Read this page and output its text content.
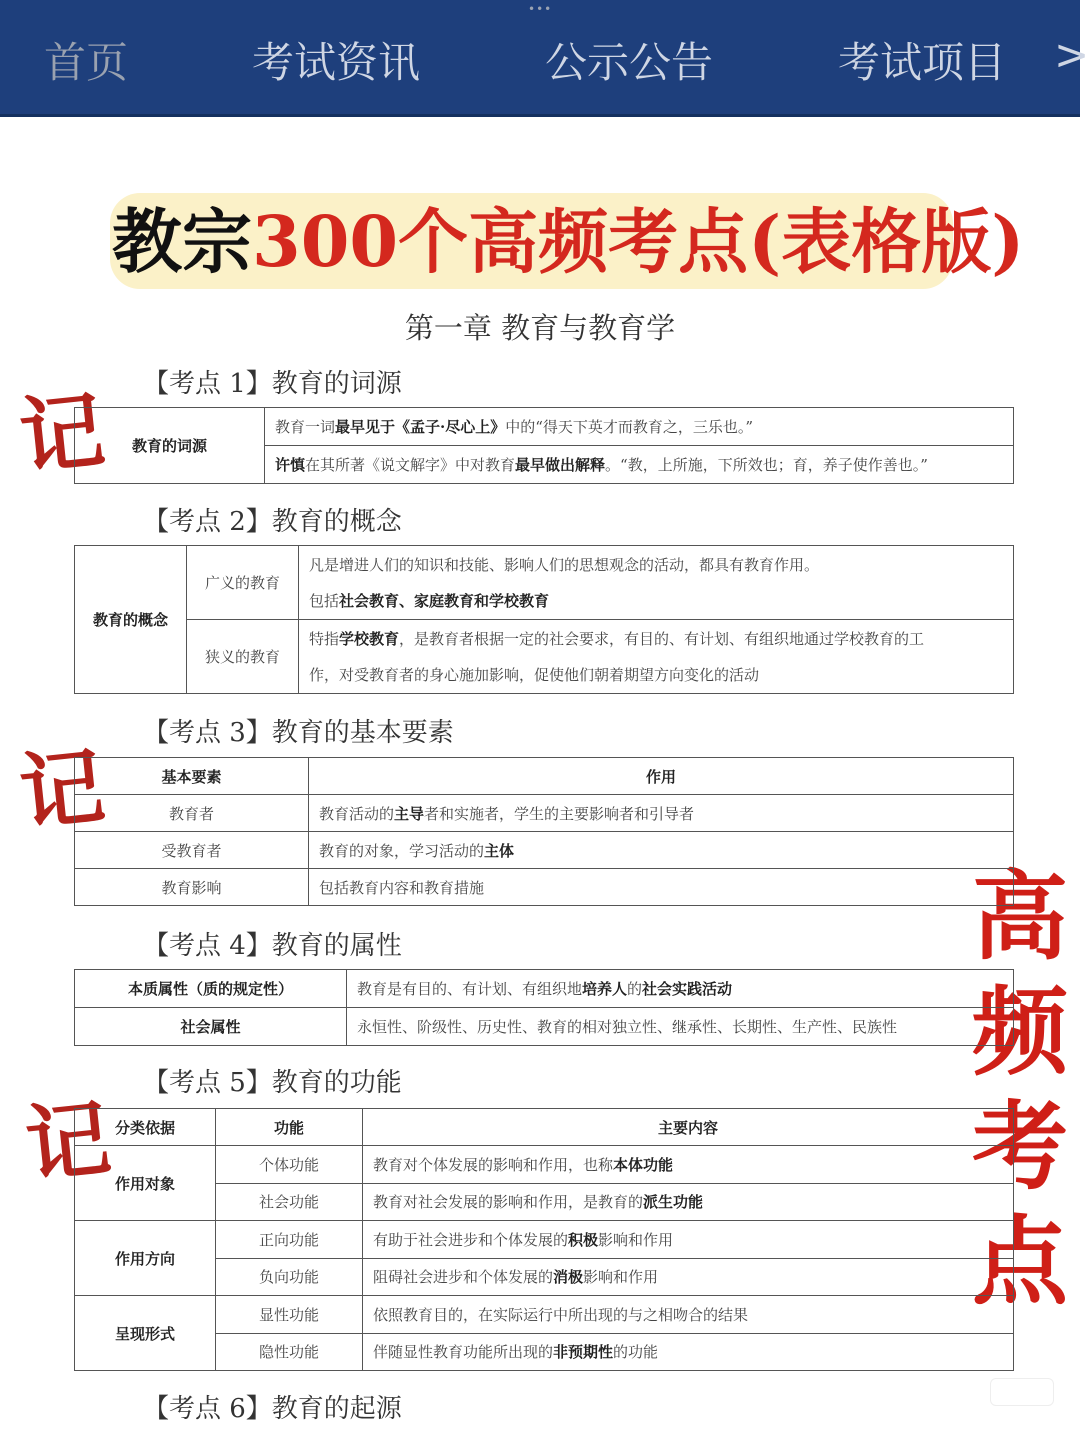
•••
首页	考试资讯	公示公告	考试项目 >
教宗300个高频考点(表格版)
第一章 教育与教育学
记
记
记
高
频
考
点
【考点 1】教育的词源
教育的词源	教育一词最早见于《孟子·尽心上》中的“得天下英才而教育之，三乐也。”
许慎在其所著《说文解字》中对教育最早做出解释。“教，上所施，下所效也；育，养子使作善也。”
【考点 2】教育的概念
教育的概念	广义的教育	凡是增进人们的知识和技能、影响人们的思想观念的活动，都具有教育作用。
		包括社会教育、家庭教育和学校教育
	狭义的教育	特指学校教育，是教育者根据一定的社会要求，有目的、有计划、有组织地通过学校教育的工
		作，对受教育者的身心施加影响，促使他们朝着期望方向变化的活动
【考点 3】教育的基本要素
基本要素	作用
教育者	教育活动的主导者和实施者，学生的主要影响者和引导者
受教育者	教育的对象，学习活动的主体
教育影响	包括教育内容和教育措施
【考点 4】教育的属性
本质属性（质的规定性）	教育是有目的、有计划、有组织地培养人的社会实践活动
社会属性	永恒性、阶级性、历史性、教育的相对独立性、继承性、长期性、生产性、民族性
【考点 5】教育的功能
分类依据	功能	主要内容
作用对象	个体功能	教育对个体发展的影响和作用，也称本体功能
	社会功能	教育对社会发展的影响和作用，是教育的派生功能
作用方向	正向功能	有助于社会进步和个体发展的积极影响和作用
	负向功能	阻碍社会进步和个体发展的消极影响和作用
呈现形式	显性功能	依照教育目的，在实际运行中所出现的与之相吻合的结果
	隐性功能	伴随显性教育功能所出现的非预期性的功能
【考点 6】教育的起源
